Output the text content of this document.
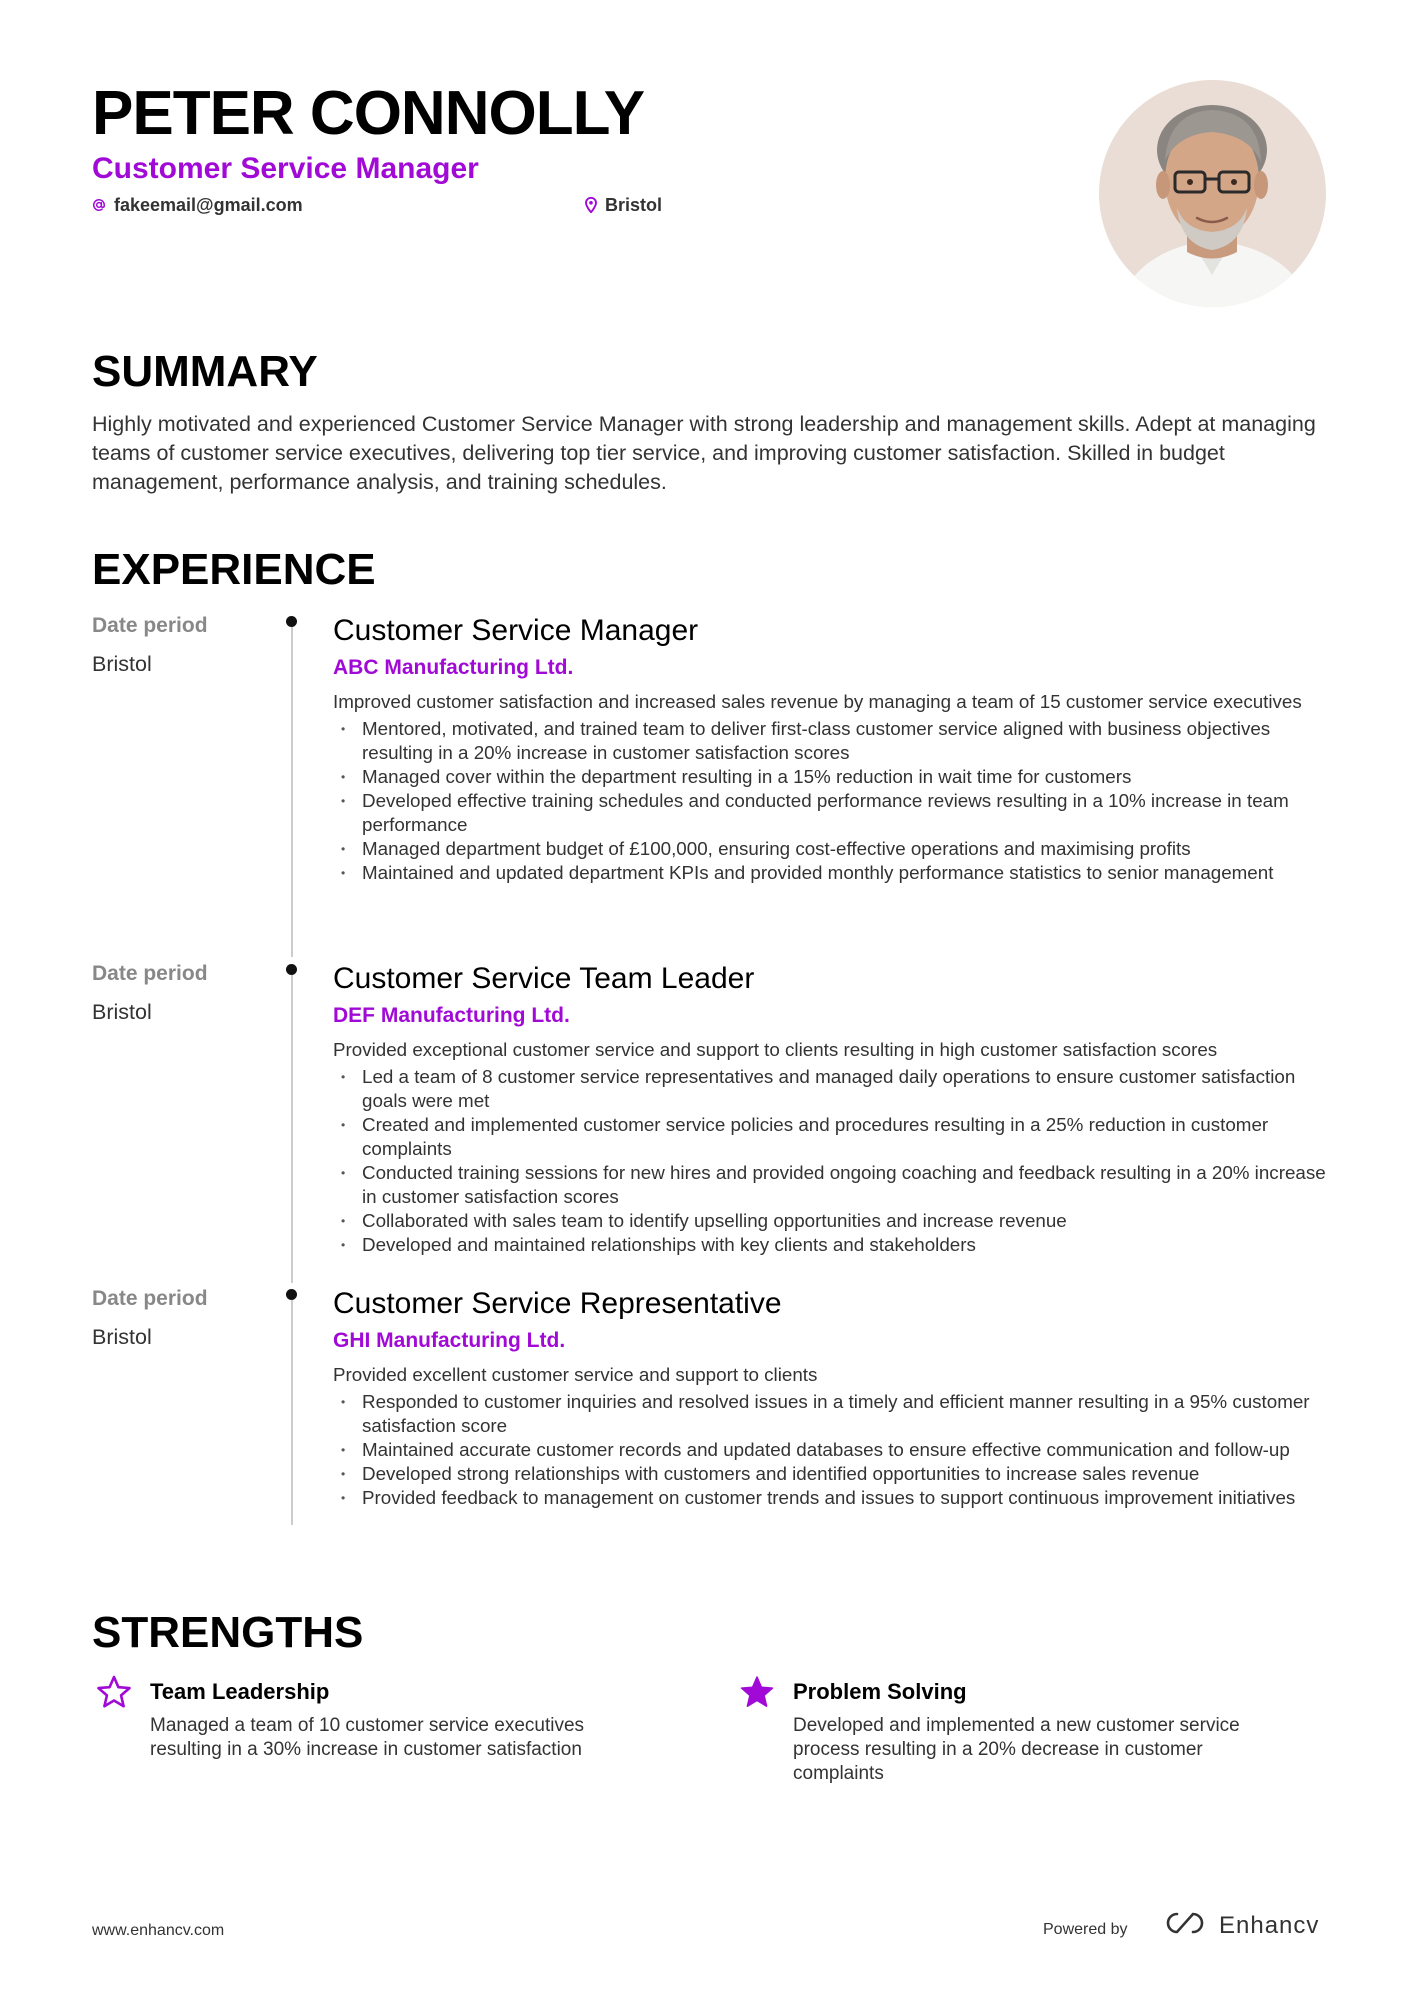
PETER CONNOLLY
Customer Service Manager
fakeemail@gmail.com	Bristol
SUMMARY

Highly motivated and experienced Customer Service Manager with strong leadership and management skills. Adept at managing teams of customer service executives, delivering top tier service, and improving customer satisfaction. Skilled in budget management, performance analysis, and training schedules.

EXPERIENCE
Date period
Bristol
Customer Service Manager
ABC Manufacturing Ltd.
Improved customer satisfaction and increased sales revenue by managing a team of 15 customer service executives
• Mentored, motivated, and trained team to deliver first-class customer service aligned with business objectives resulting in a 20% increase in customer satisfaction scores
• Managed cover within the department resulting in a 15% reduction in wait time for customers
• Developed effective training schedules and conducted performance reviews resulting in a 10% increase in team performance
• Managed department budget of £100,000, ensuring cost-effective operations and maximising profits
• Maintained and updated department KPIs and provided monthly performance statistics to senior management
Date period
Bristol
Customer Service Team Leader
DEF Manufacturing Ltd.
Provided exceptional customer service and support to clients resulting in high customer satisfaction scores
• Led a team of 8 customer service representatives and managed daily operations to ensure customer satisfaction goals were met
• Created and implemented customer service policies and procedures resulting in a 25% reduction in customer complaints
• Conducted training sessions for new hires and provided ongoing coaching and feedback resulting in a 20% increase in customer satisfaction scores
• Collaborated with sales team to identify upselling opportunities and increase revenue
• Developed and maintained relationships with key clients and stakeholders
Date period
Bristol
Customer Service Representative
GHI Manufacturing Ltd.
Provided excellent customer service and support to clients
• Responded to customer inquiries and resolved issues in a timely and efficient manner resulting in a 95% customer satisfaction score
• Maintained accurate customer records and updated databases to ensure effective communication and follow-up
• Developed strong relationships with customers and identified opportunities to increase sales revenue
• Provided feedback to management on customer trends and issues to support continuous improvement initiatives
STRENGTHS
Team Leadership

Managed a team of 10 customer service executives resulting in a 30% increase in customer satisfaction

Problem Solving

Developed and implemented a new customer service process resulting in a 20% decrease in customer complaints

www.enhancv.com	Powered by	Enhancv
